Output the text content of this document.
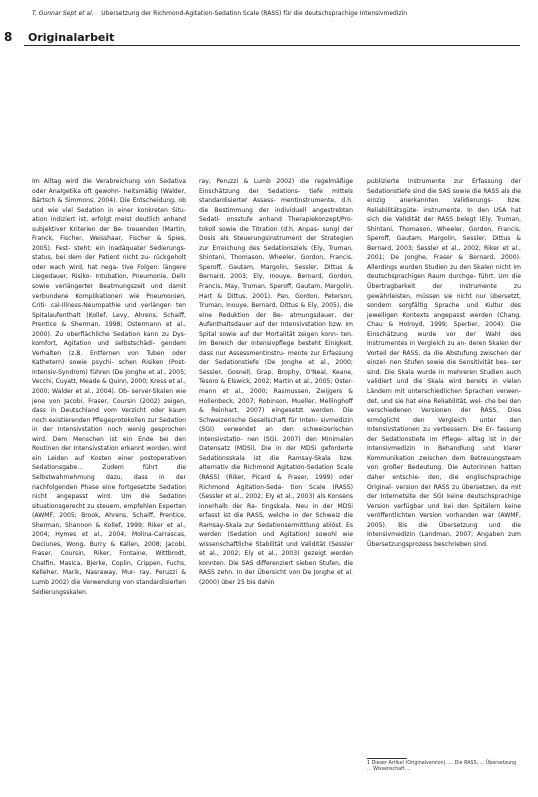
T. Gunnar Sept et al. Übersetzung der Richmond-Agitation-Sedation Scale (RASS) für die deutschsprachige Intensivmedizin
8	Originalarbeit

Im Alltag wird die Verabreichung von Sedativa oder Analgetika oft gewohn- heitsmäßig (Walder, Bärtsch & Simmons, 2004). Die Entscheidung, ob und wie viel Sedation in einer konkreten Situ- ation indiziert ist, erfolgt meist deutlich anhand subjektiver Kriterien der Be- treuenden (Martin, Franck, Fischer, Weisshaar, Fischer & Spies, 2005). Fest- steht: ein inadäquater Sedierungs- status, bei dem der Patient nicht zu- rückgeholt oder wach wird, hat nega- tive Folgen: längere Liegedauer, Risiko- Intubation, Pneumonie, Delir sowie verlängerter Beatmungszeit und damit verbundene Komplikationen wie Pneumonien, Criti- cal-Illness-Neuropathie und verlänger- ten Spitalaufenthalt (Kollef, Levy, Ahrens, Schaiff, Prentice & Sherman, 1998; Ostermann et al., 2000). Zu oberflächliche Sedation kann zu Dys- komfort, Agitation und selbstschädi- gendem Verhalten (z.B. Entfernen von Tuben oder Kathetern) sowie psychi- schen Risiken (Post-Intensiv-Syndrom) führen (De Jonghe et al., 2005; Vecchi, Cuyatt, Meade & Quinn, 2000; Kress et al., 2000; Walder et al., 2004). Ob- server-Skalen wie jene von Jacobi, Fraser, Coursin (2002) zeigen, dass in Deutschland vom Verzicht oder kaum noch existierenden Pflegeprotokollen zur Sedation in der Intensivstation noch wenig gesprochen wird. Dem Menschen ist ein Ende bei den Routinen der Intensivstation erkannt worden, wird ein Leiden auf Kosten einer postoperativen Sedationsgabe... Zudem führt die Selbstwahrnehmung dazu, dass in der nachfolgenden Phase eine fortgesetzte Sedation nicht angepasst wird. Um die Sedation situationsgerecht zu steuern, empfehlen Experten (AWMF, 2005; Brook, Ahrens, Schaiff, Prentice, Sherman, Shannon & Kollef, 1999; Riker et al., 2004; Hymes et al., 2004; Molina-Carrascas, Deciunes, Wong, Burry & Kallen, 2008; Jacobi, Fraser, Coursin, Riker, Fontaine, Wittbrodt, Chalfin, Masica, Bjerke, Coplin, Crippen, Fuchs, Kelleher, Marik, Nasraway, Mur- ray, Peruzzi & Lumb 2002) die Verwendung von standardisierten Sedierungsskalen.

ray, Peruzzi & Lumb 2002) die regelmäßige Einschätzung der Sedations- tiefe mittels standardisierter Assess- mentinstrumente, d.h. die Bestimmung der individuell angestrebten Sedati- onsstufe anhand Therapiekonzept/Pro- tokoll sowie die Titration (d.h. Anpas- sung) der Dosis als Steuerungsinstrument der Strategien zur Erreichung des Sedationsziels (Ely, Truman, Shintani, Thomason, Wheeler, Gordon, Francis, Speroff, Gautam, Margolin, Sessler, Dittus & Bernard, 2003; Ely, Inouye, Bernard, Gordon, Francis, May, Truman, Speroff, Gautam, Margolin, Hart & Dittus, 2001). Pan, Gordon, Peterson, Truman, Inouye, Bernard, Dittus & Ely, 2005), die eine Reduktion der Be- atmungsdauer, der Aufenthaltsdauer auf der Intensivstation bzw. im Spital sowie auf der Mortalität zeigen konn- ten. Im Bereich der Intensivpflege besteht Einigkeit, dass nur Assessmentinstru- mente zur Erfassung der Sedationstiefe (De Jonghe et al., 2000; Sessler, Gosnell, Grap, Brophy, O'Neal, Keane, Tesoro & Elswick, 2002; Martin et al., 2005; Oster- mann et al., 2000; Rasmussen, Zwijgers & Hollenbeck, 2007; Robinson, Mueller, Mellinghoff & Reinhart, 2007) eingesetzt werden. Die Schweizerische Gesellschaft für Inten- sivmedizin (SGI) verwendet an den schweizerischen Intensivstatio- nen (SGI, 2007) den Minimalen Datensatz (MDSi). Die in der MDSi geforderte Sedationsskala ist die Ramsay-Skala bzw. alternativ die Richmond Agitation-Sedation Scale (RASS) (Riker, Picard & Fraser, 1999) oder Richmond Agitation-Seda- tion Scale (RASS) (Sessler et al., 2002; Ely et al., 2003) als Konsens innerhalb der Ra- tingskala. Neu in der MDSi erfasst ist die RASS, welche in der Schweiz die Ramsay-Skala zur Sedationsermittlung ablöst. Es werden (Sedation und Agitation) sowohl wie wissenschaftliche Stabilität und Validität (Sessler et al., 2002; Ely et al., 2003) gezeigt werden konnten. Die SAS differenziert sieben Stufen, die RASS zehn. In der Übersicht von De Jonghe et al. (2000) über 25 bis dahin

publizierte Instrumente zur Erfassung der Sedationstiefe sind die SAS sowie die RASS als die einzig anerkannten Validierungs- bzw. Reliabilitätsgüte- instrumente. In den USA hat sich die Validität der RASS belegt (Ely, Truman, Shintani, Thomason, Wheeler, Gordon, Francis, Speroff, Gautam, Margolin, Sessler, Dittus & Bernard, 2003; Sessler et al., 2002; Riker et al., 2001; De Jonghe, Fraser & Bernard, 2000). Allerdings wurden Studien zu den Skalen nicht im deutschsprachigen Raum durchge- führt. Um die Übertragbarkeit der Instrumente zu gewährleisten, müssen sie nicht nur übersetzt, sondern sorgfältig Sprache und Kultur des jeweiligen Kontexts angepasst werden (Chang, Chau & Holroyd, 1999; Sperber, 2004). Die Einschätzung wurde vor der Wahl des Instrumentes in Vergleich zu an- deren Skalen der Vorteil der RASS, da die Abstufung zwischen der einzel- nen Stufen sowie die Sensitivität bes- ser sind. Die Skala wurde in mehreren Studien auch validiert und die Skala wird bereits in vielen Ländern mit unterschiedlichen Sprachen verwen- det, und sie hat eine Reliabilität, wel- che bei den verschiedenen Versionen der RASS. Dies ermöglicht den Vergleich unter den Intensivstationen zu verbessern. Die Er- fassung der Sedationstiefe im Pflege- alltag ist in der Intensivmedizin in Behandlung und klarer Kommunikation zwischen dem Betreuungsteam von großer Bedeutung. Die Autorinnen hatten daher entschie- den, die englischsprachige Original- version der RASS zu übersetzen, da mit der Internetsite der SGI keine deutschsprachige Version verfügbar und bei den Spitälern keine veröffentlichten Version vorhanden war (AWMF, 2005). Bis die Übersetzung und die Intensivmedizin (Landman, 2007; Angaben zum Übersetzungsprozess beschrieben sind.

1 Dieser Artikel (Originalversion). ... Die RASS, ... Übersetzung ... Wissenschaft ...
